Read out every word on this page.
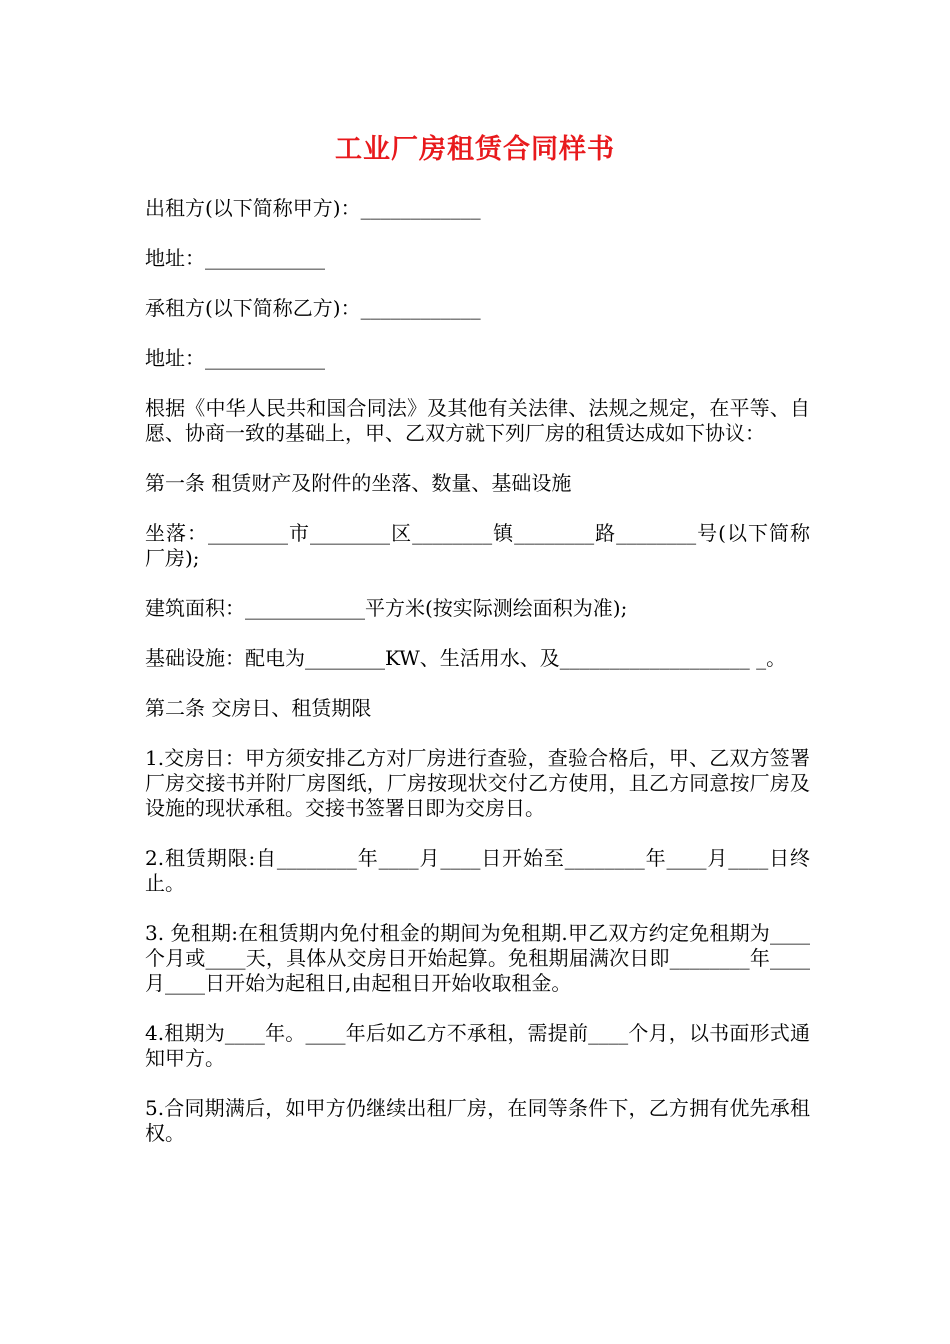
工业厂房租赁合同样书

出租方(以下简称甲方)：____________

地址：____________

承租方(以下简称乙方)：____________

地址：____________

根据《中华人民共和国合同法》及其他有关法律、法规之规定，在平等、自愿、协商一致的基础上，甲、乙双方就下列厂房的租赁达成如下协议：

第一条 租赁财产及附件的坐落、数量、基础设施

坐落：________市________区________镇________路________号(以下简称厂房);

建筑面积：____________平方米(按实际测绘面积为准);

基础设施：配电为________KW、生活用水、及___________________ _。

第二条 交房日、租赁期限

1.交房日：甲方须安排乙方对厂房进行查验，查验合格后，甲、乙双方签署厂房交接书并附厂房图纸，厂房按现状交付乙方使用，且乙方同意按厂房及设施的现状承租。交接书签署日即为交房日。

2.租赁期限:自________年____月____日开始至________年____月____日终止。

3. 免租期:在租赁期内免付租金的期间为免租期.甲乙双方约定免租期为____个月或____天，具体从交房日开始起算。免租期届满次日即________年____月____日开始为起租日,由起租日开始收取租金。

4.租期为____年。____年后如乙方不承租，需提前____个月，以书面形式通知甲方。

5.合同期满后，如甲方仍继续出租厂房，在同等条件下，乙方拥有优先承租权。
